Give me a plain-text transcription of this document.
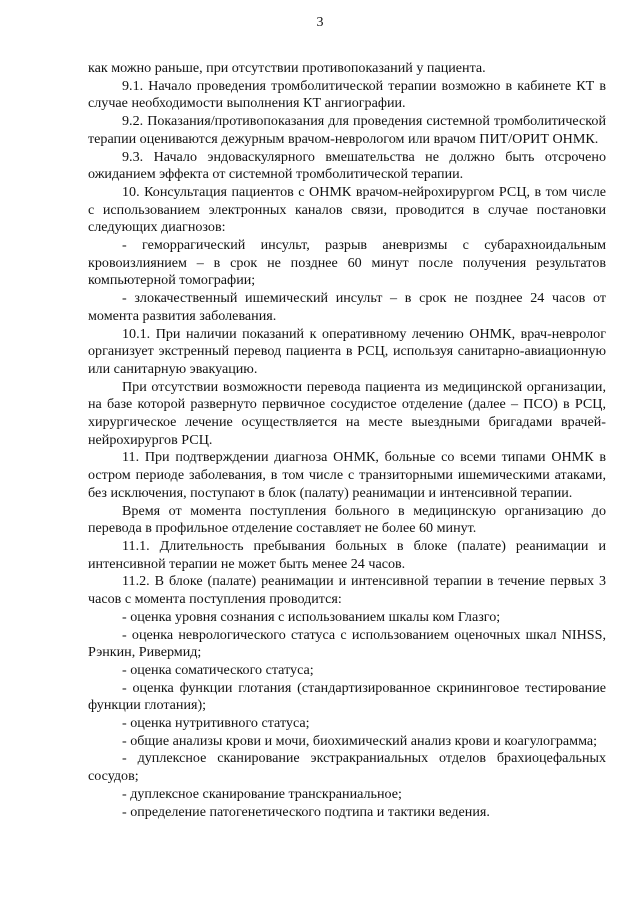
3

как можно раньше, при отсутствии противопоказаний у пациента.

9.1. Начало проведения тромболитической терапии возможно в кабинете КТ в случае необходимости выполнения КТ ангиографии.

9.2. Показания/противопоказания для проведения системной тромболитической терапии оцениваются дежурным врачом-неврологом или врачом ПИТ/ОРИТ ОНМК.

9.3. Начало эндоваскулярного вмешательства не должно быть отсрочено ожиданием эффекта от системной тромболитической терапии.

10. Консультация пациентов с ОНМК врачом-нейрохирургом РСЦ, в том числе с использованием электронных каналов связи, проводится в случае постановки следующих диагнозов:

- геморрагический инсульт, разрыв аневризмы с субарахноидальным кровоизлиянием – в срок не позднее 60 минут после получения результатов компьютерной томографии;

- злокачественный ишемический инсульт – в срок не позднее 24 часов от момента развития заболевания.

10.1. При наличии показаний к оперативному лечению ОНМК, врач-невролог организует экстренный перевод пациента в РСЦ, используя санитарно-авиационную или санитарную эвакуацию.

При отсутствии возможности перевода пациента из медицинской организации, на базе которой развернуто первичное сосудистое отделение (далее – ПСО) в РСЦ, хирургическое лечение осуществляется на месте выездными бригадами врачей-нейрохирургов РСЦ.

11. При подтверждении диагноза ОНМК, больные со всеми типами ОНМК в остром периоде заболевания, в том числе с транзиторными ишемическими атаками, без исключения, поступают в блок (палату) реанимации и интенсивной терапии.

Время от момента поступления больного в медицинскую организацию до перевода в профильное отделение составляет не более 60 минут.

11.1. Длительность пребывания больных в блоке (палате) реанимации и интенсивной терапии не может быть менее 24 часов.

11.2. В блоке (палате) реанимации и интенсивной терапии в течение первых 3 часов с момента поступления проводится:

- оценка уровня сознания с использованием шкалы ком Глазго;

- оценка неврологического статуса с использованием оценочных шкал NIHSS, Рэнкин, Ривермид;

- оценка соматического статуса;

- оценка функции глотания (стандартизированное скрининговое тестирование функции глотания);

- оценка нутритивного статуса;

- общие анализы крови и мочи, биохимический анализ крови и коагулограмма;

- дуплексное сканирование экстракраниальных отделов брахиоцефальных сосудов;

- дуплексное сканирование транскраниальное;

- определение патогенетического подтипа и тактики ведения.
